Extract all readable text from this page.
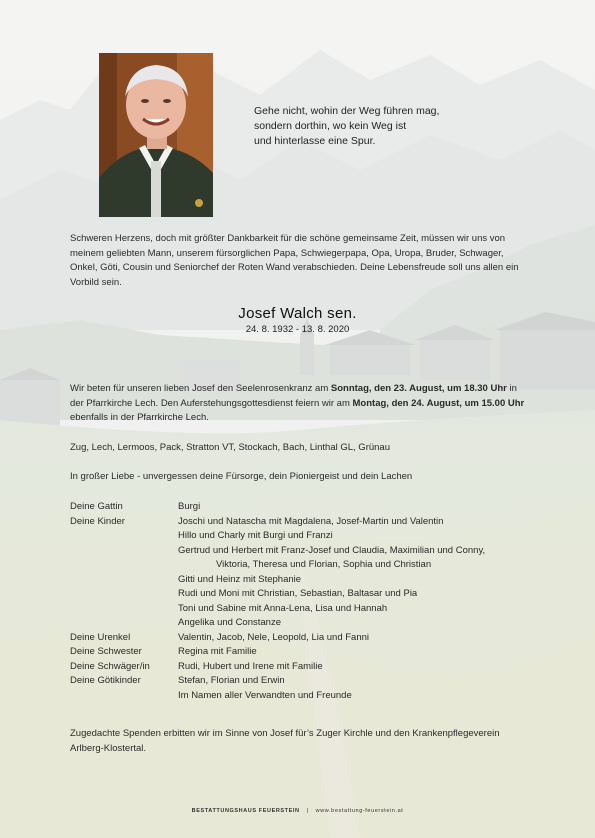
Gehe nicht, wohin der Weg führen mag,
sondern dorthin, wo kein Weg ist
und hinterlasse eine Spur.
Schweren Herzens, doch mit größter Dankbarkeit für die schöne gemeinsame Zeit, müssen wir uns von meinem geliebten Mann, unserem fürsorglichen Papa, Schwiegerpapa, Opa, Uropa, Bruder, Schwager, Onkel, Göti, Cousin und Seniorchef der Roten Wand verabschieden. Deine Lebensfreude soll uns allen ein Vorbild sein.
Josef Walch sen.
24. 8. 1932 - 13. 8. 2020
Wir beten für unseren lieben Josef den Seelenrosenkranz am Sonntag, den 23. August, um 18.30 Uhr in der Pfarrkirche Lech. Den Auferstehungsgottesdienst feiern wir am Montag, den 24. August, um 15.00 Uhr ebenfalls in der Pfarrkirche Lech.
Zug, Lech, Lermoos, Pack, Stratton VT, Stockach, Bach, Linthal GL, Grünau
In großer Liebe - unvergessen deine Fürsorge, dein Pioniergeist und dein Lachen
Deine Gattin	Burgi
Deine Kinder	Joschi und Natascha mit Magdalena, Josef-Martin und Valentin
Hillo und Charly mit Burgi und Franzi
Gertrud und Herbert mit Franz-Josef und Claudia, Maximilian und Conny,
Viktoria, Theresa und Florian, Sophia und Christian
Gitti und Heinz mit Stephanie
Rudi und Moni mit Christian, Sebastian, Baltasar und Pia
Toni und Sabine mit Anna-Lena, Lisa und Hannah
Angelika und Constanze
Deine Urenkel	Valentin, Jacob, Nele, Leopold, Lia und Fanni
Deine Schwester	Regina mit Familie
Deine Schwäger/in	Rudi, Hubert und Irene mit Familie
Deine Götikinder	Stefan, Florian und Erwin
Im Namen aller Verwandten und Freunde
Zugedachte Spenden erbitten wir im Sinne von Josef für’s Zuger Kirchle und den Krankenpflegeverein Arlberg-Klostertal.
BESTATTUNGSHAUS FEUERSTEIN | www.bestattung-feuerstein.at
